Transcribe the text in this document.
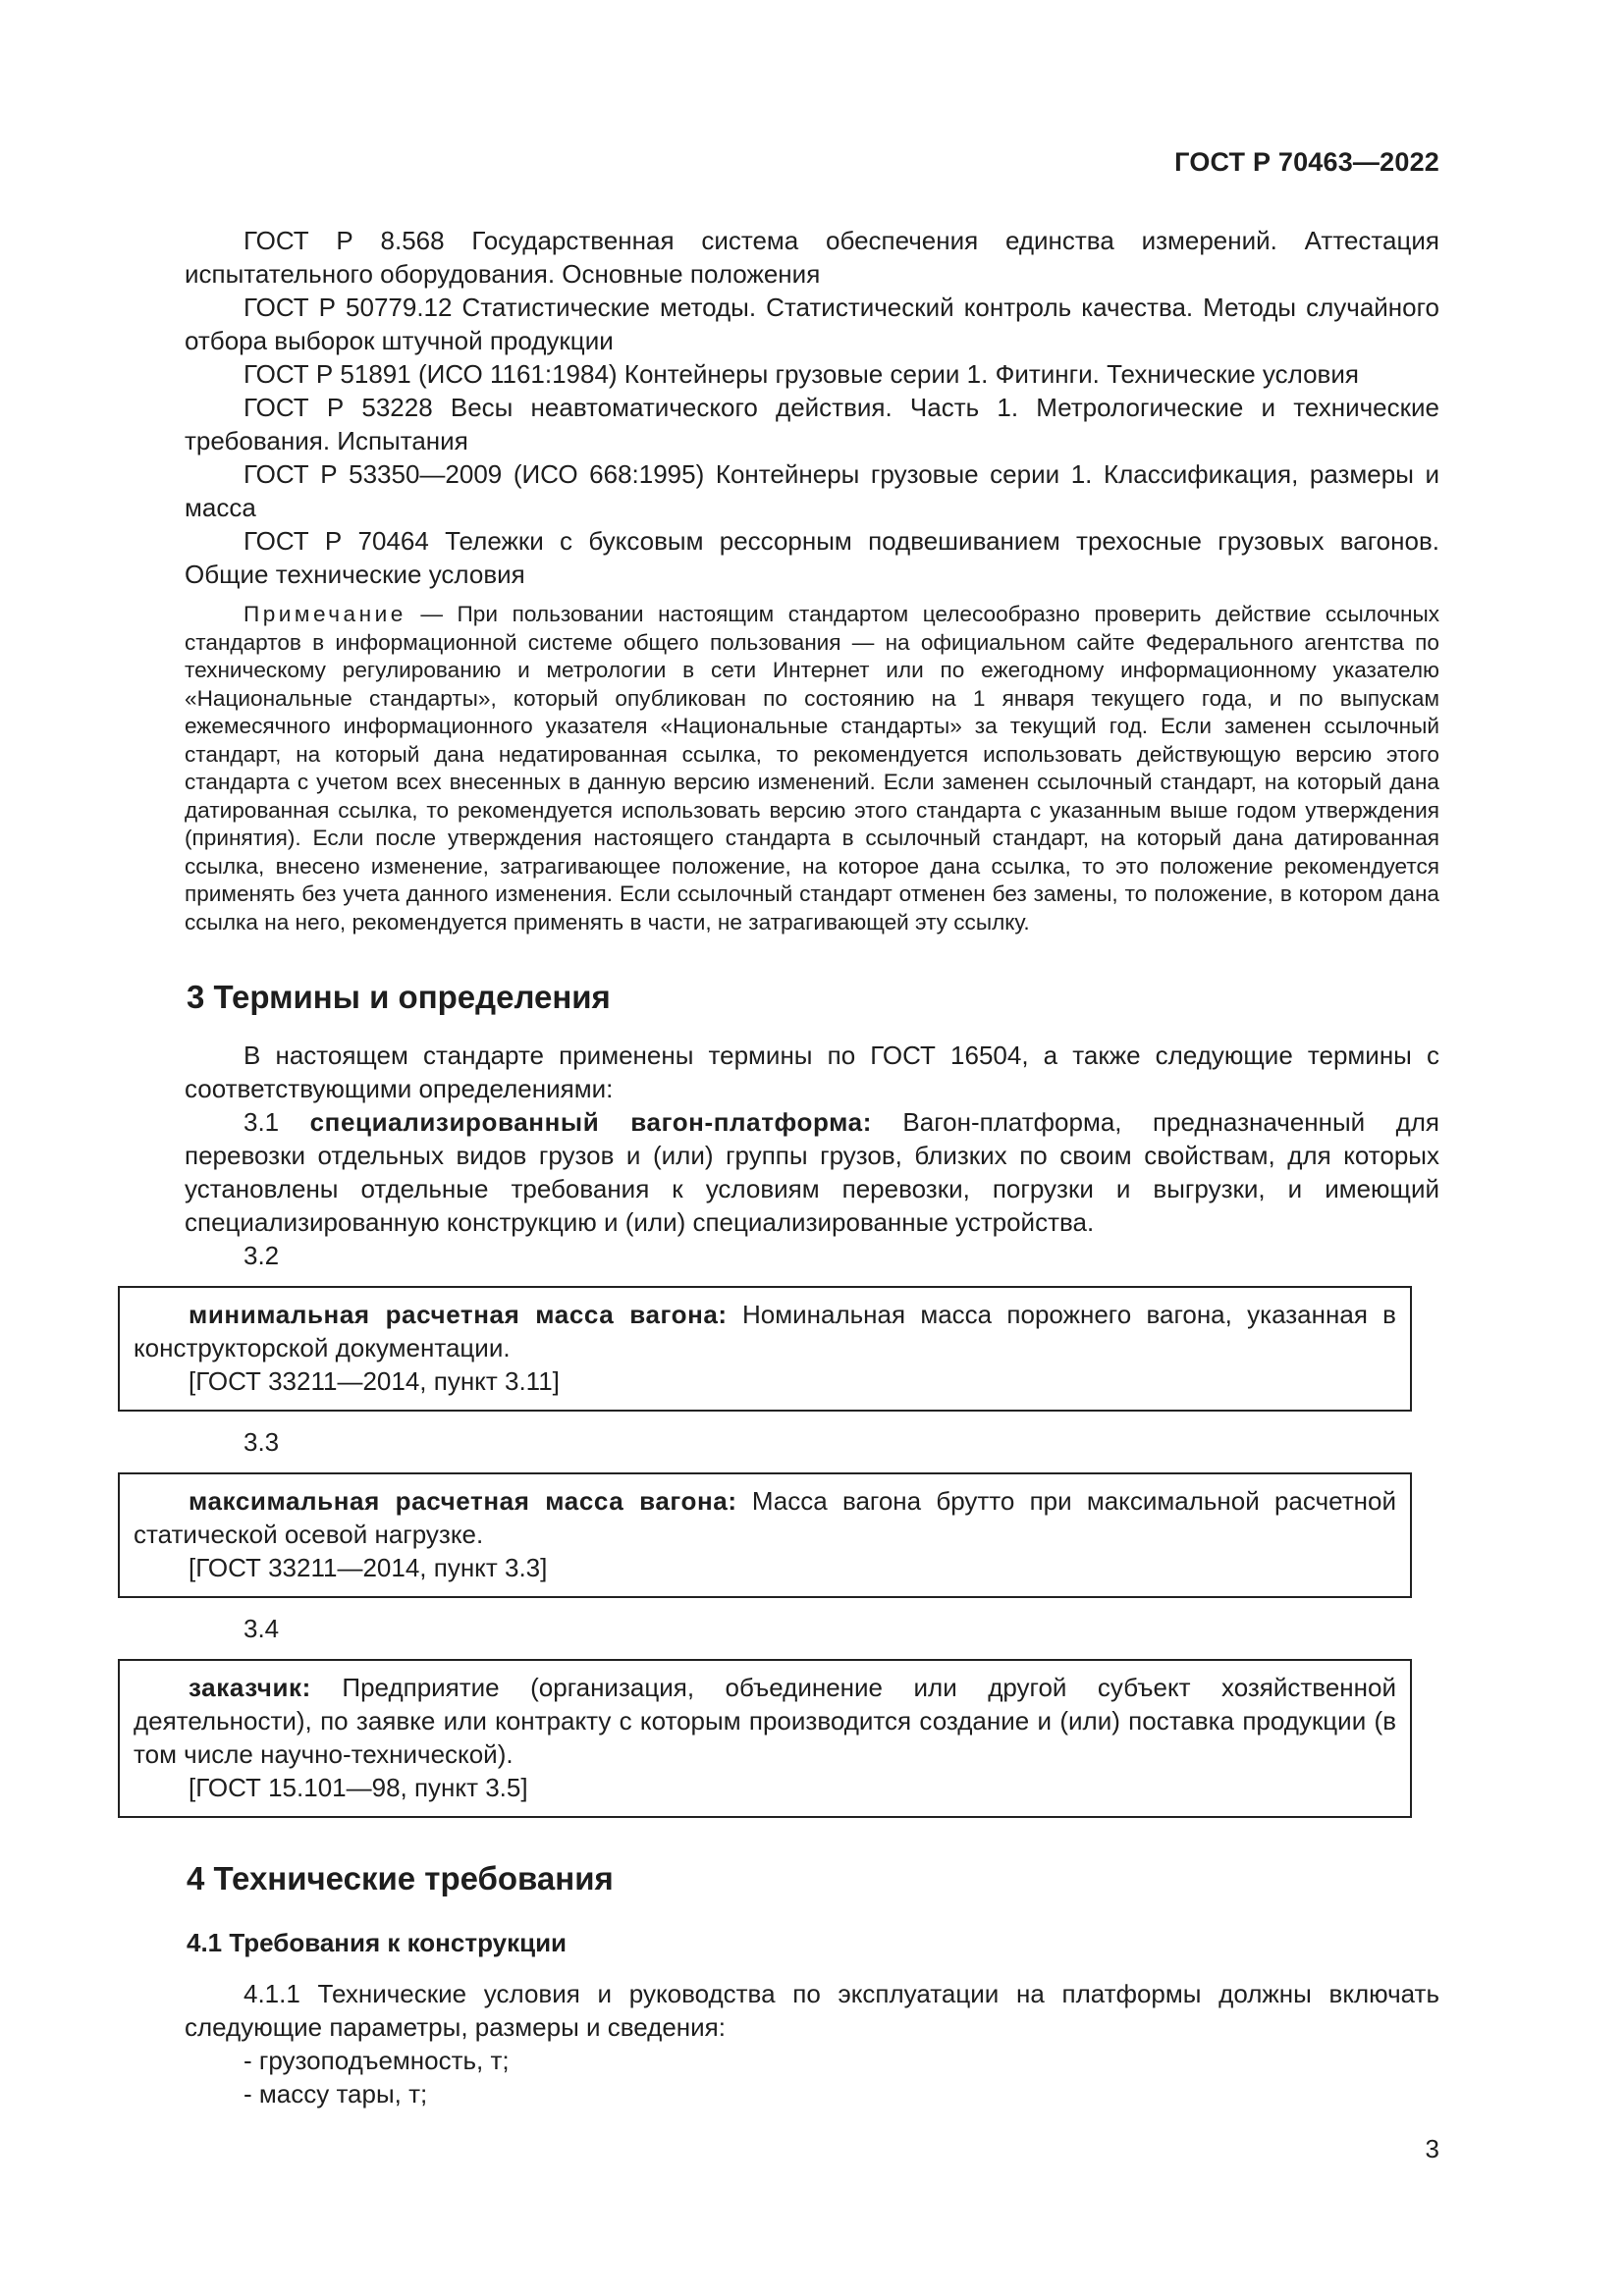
ГОСТ Р 70463—2022

ГОСТ Р 8.568 Государственная система обеспечения единства измерений. Аттестация испытательного оборудования. Основные положения

ГОСТ Р 50779.12 Статистические методы. Статистический контроль качества. Методы случайного отбора выборок штучной продукции

ГОСТ Р 51891 (ИСО 1161:1984) Контейнеры грузовые серии 1. Фитинги. Технические условия

ГОСТ Р 53228 Весы неавтоматического действия. Часть 1. Метрологические и технические требования. Испытания

ГОСТ Р 53350—2009 (ИСО 668:1995) Контейнеры грузовые серии 1. Классификация, размеры и масса

ГОСТ Р 70464 Тележки с буксовым рессорным подвешиванием трехосные грузовых вагонов. Общие технические условия

Примечание — При пользовании настоящим стандартом целесообразно проверить действие ссылочных стандартов в информационной системе общего пользования — на официальном сайте Федерального агентства по техническому регулированию и метрологии в сети Интернет или по ежегодному информационному указателю «Национальные стандарты», который опубликован по состоянию на 1 января текущего года, и по выпускам ежемесячного информационного указателя «Национальные стандарты» за текущий год. Если заменен ссылочный стандарт, на который дана недатированная ссылка, то рекомендуется использовать действующую версию этого стандарта с учетом всех внесенных в данную версию изменений. Если заменен ссылочный стандарт, на который дана датированная ссылка, то рекомендуется использовать версию этого стандарта с указанным выше годом утверждения (принятия). Если после утверждения настоящего стандарта в ссылочный стандарт, на который дана датированная ссылка, внесено изменение, затрагивающее положение, на которое дана ссылка, то это положение рекомендуется применять без учета данного изменения. Если ссылочный стандарт отменен без замены, то положение, в котором дана ссылка на него, рекомендуется применять в части, не затрагивающей эту ссылку.

3 Термины и определения

В настоящем стандарте применены термины по ГОСТ 16504, а также следующие термины с соответствующими определениями:

3.1 специализированный вагон-платформа: Вагон-платформа, предназначенный для перевозки отдельных видов грузов и (или) группы грузов, близких по своим свойствам, для которых установлены отдельные требования к условиям перевозки, погрузки и выгрузки, и имеющий специализированную конструкцию и (или) специализированные устройства.

3.2

минимальная расчетная масса вагона: Номинальная масса порожнего вагона, указанная в конструкторской документации.

[ГОСТ 33211—2014, пункт 3.11]

3.3

максимальная расчетная масса вагона: Масса вагона брутто при максимальной расчетной статической осевой нагрузке.

[ГОСТ 33211—2014, пункт 3.3]

3.4

заказчик: Предприятие (организация, объединение или другой субъект хозяйственной деятельности), по заявке или контракту с которым производится создание и (или) поставка продукции (в том числе научно-технической).

[ГОСТ 15.101—98, пункт 3.5]

4 Технические требования
4.1 Требования к конструкции

4.1.1 Технические условия и руководства по эксплуатации на платформы должны включать следующие параметры, размеры и сведения:

- грузоподъемность, т;

- массу тары, т;

3
